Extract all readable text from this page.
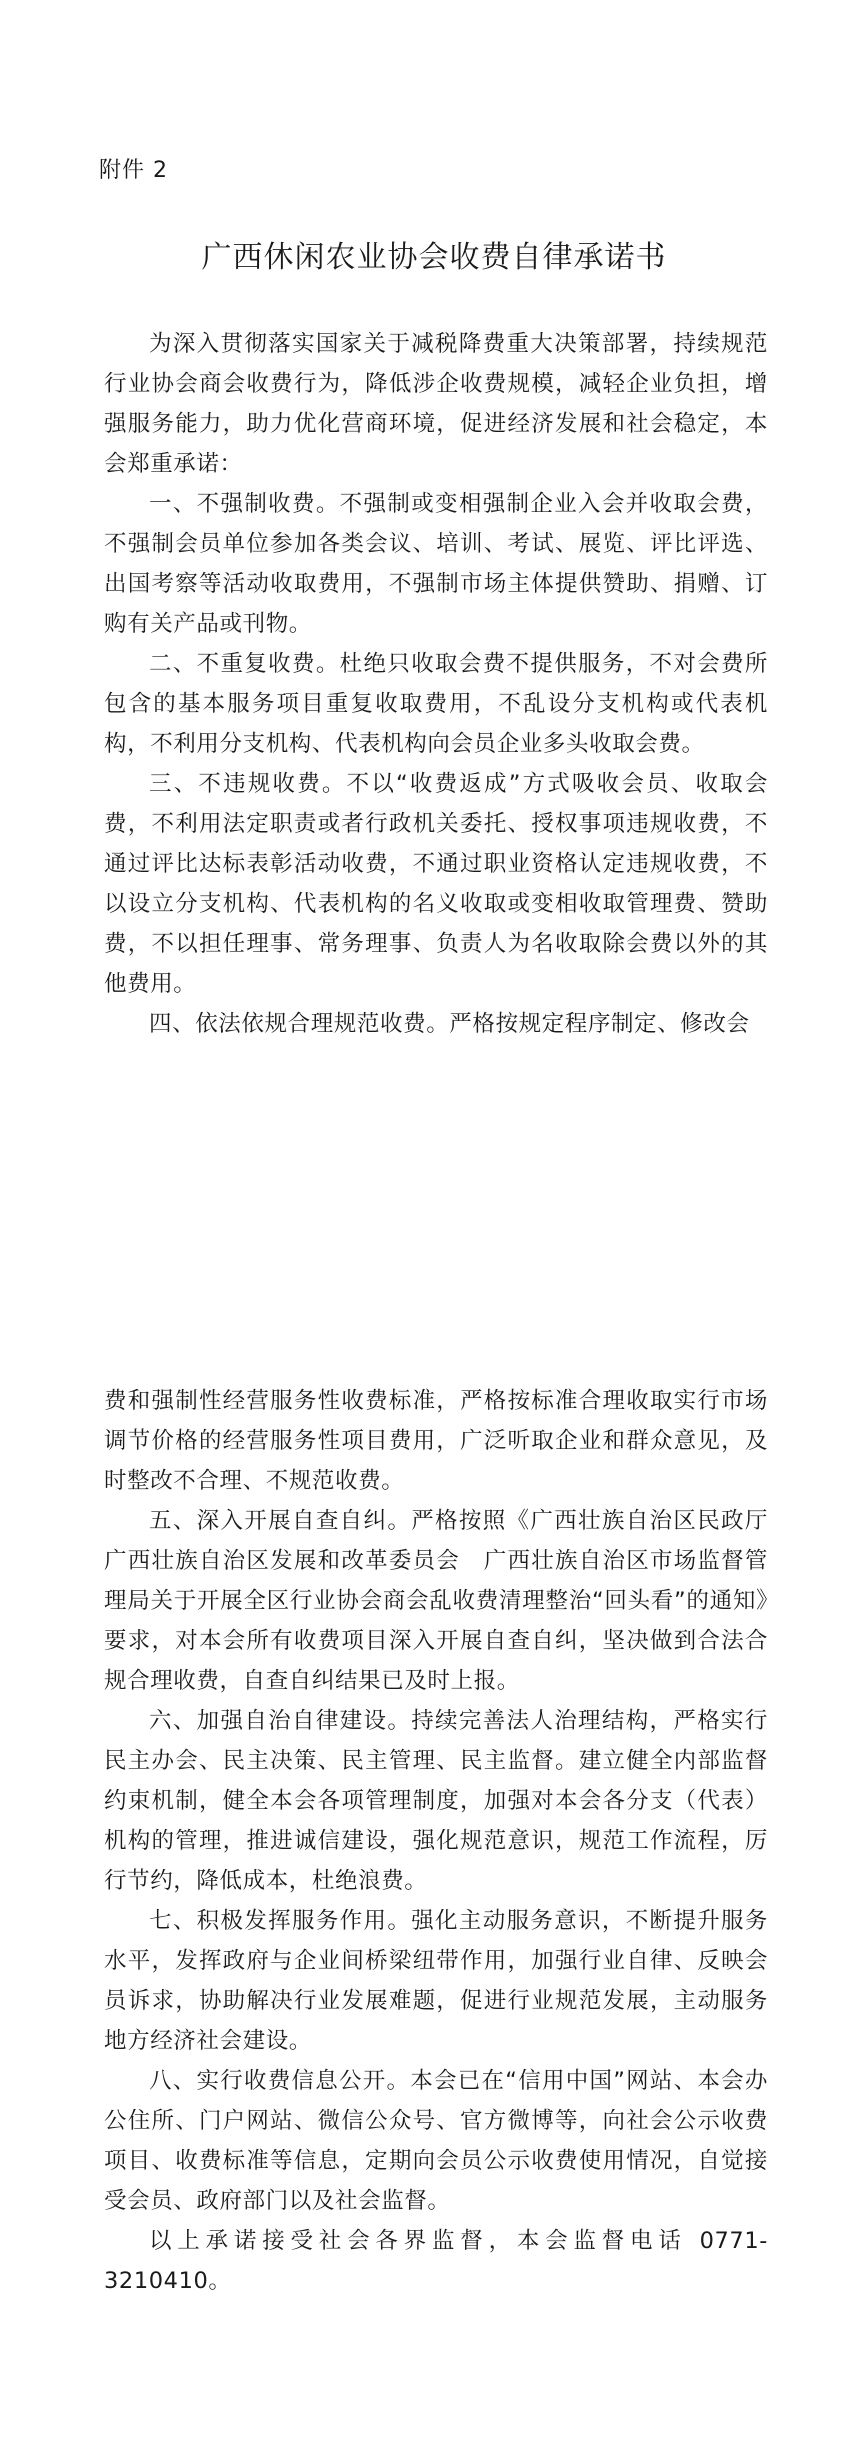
附件 2
广西休闲农业协会收费自律承诺书

为深入贯彻落实国家关于减税降费重大决策部署，持续规范行业协会商会收费行为，降低涉企收费规模，减轻企业负担，增强服务能力，助力优化营商环境，促进经济发展和社会稳定，本会郑重承诺：

一、不强制收费。不强制或变相强制企业入会并收取会费，不强制会员单位参加各类会议、培训、考试、展览、评比评选、出国考察等活动收取费用，不强制市场主体提供赞助、捐赠、订购有关产品或刊物。

二、不重复收费。杜绝只收取会费不提供服务，不对会费所包含的基本服务项目重复收取费用，不乱设分支机构或代表机构，不利用分支机构、代表机构向会员企业多头收取会费。

三、不违规收费。不以“收费返成”方式吸收会员、收取会费，不利用法定职责或者行政机关委托、授权事项违规收费，不通过评比达标表彰活动收费，不通过职业资格认定违规收费，不以设立分支机构、代表机构的名义收取或变相收取管理费、赞助费，不以担任理事、常务理事、负责人为名收取除会费以外的其他费用。

四、依法依规合理规范收费。严格按规定程序制定、修改会

费和强制性经营服务性收费标准，严格按标准合理收取实行市场调节价格的经营服务性项目费用，广泛听取企业和群众意见，及时整改不合理、不规范收费。

五、深入开展自查自纠。严格按照《广西壮族自治区民政厅 广西壮族自治区发展和改革委员会　广西壮族自治区市场监督管理局关于开展全区行业协会商会乱收费清理整治“回头看”的通知》要求，对本会所有收费项目深入开展自查自纠，坚决做到合法合规合理收费，自查自纠结果已及时上报。

六、加强自治自律建设。持续完善法人治理结构，严格实行民主办会、民主决策、民主管理、民主监督。建立健全内部监督约束机制，健全本会各项管理制度，加强对本会各分支（代表）机构的管理，推进诚信建设，强化规范意识，规范工作流程，厉行节约，降低成本，杜绝浪费。

七、积极发挥服务作用。强化主动服务意识，不断提升服务水平，发挥政府与企业间桥梁纽带作用，加强行业自律、反映会员诉求，协助解决行业发展难题，促进行业规范发展，主动服务地方经济社会建设。

八、实行收费信息公开。本会已在“信用中国”网站、本会办公住所、门户网站、微信公众号、官方微博等，向社会公示收费项目、收费标准等信息，定期向会员公示收费使用情况，自觉接受会员、政府部门以及社会监督。

以上承诺接受社会各界监督，本会监督电话 0771-3210410。
